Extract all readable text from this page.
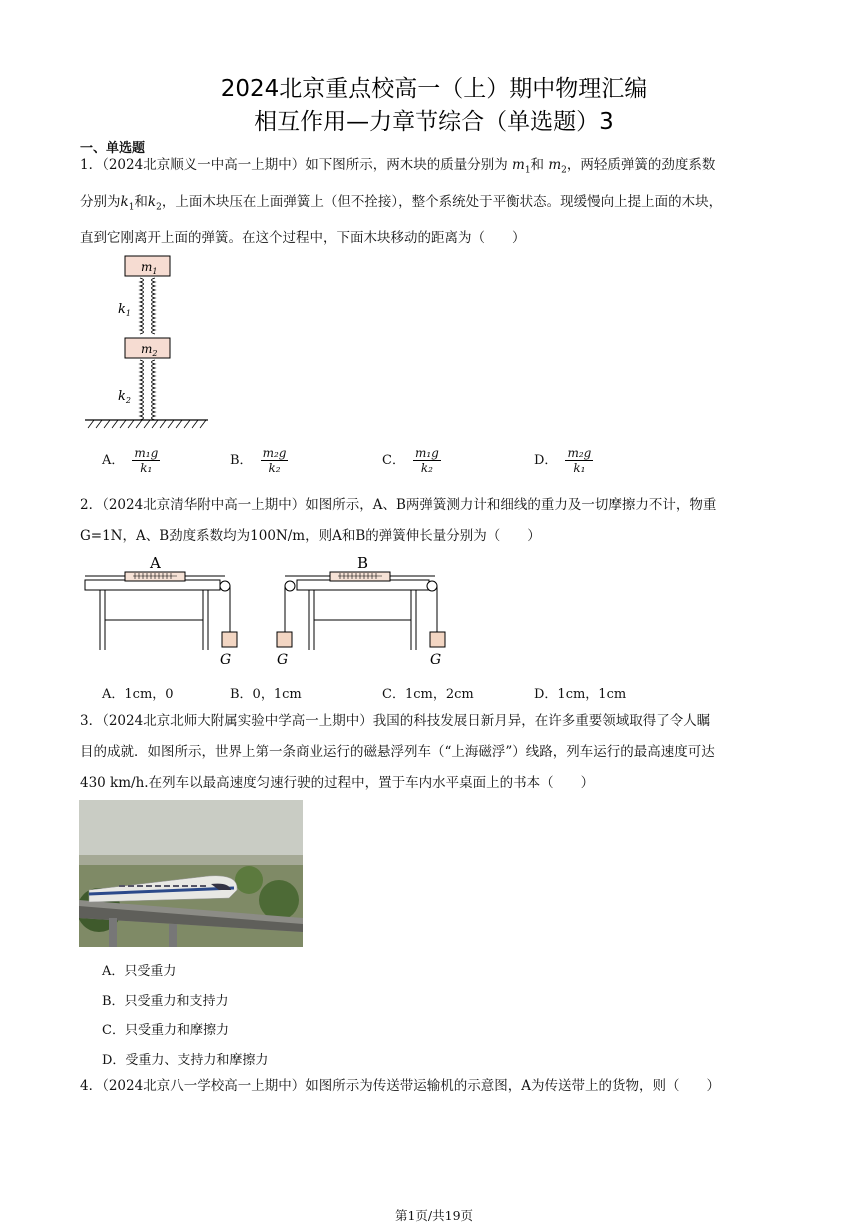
2024北京重点校高一（上）期中物理汇编
相互作用—力章节综合（单选题）3
一、单选题
1．（2024北京顺义一中高一上期中）如下图所示，两木块的质量分别为 $m_1$和 $m_2$，两轻质弹簧的劲度系数
分别为$k_1$和$k_2$，上面木块压在上面弹簧上（但不拴接），整个系统处于平衡状态。现缓慢向上提上面的木块，
直到它刚离开上面的弹簧。在这个过程中，下面木块移动的距离为（　　）
$m_1$
$k_1$
$m_2$
$k_2$
A． $\frac{\text{m₁g}}{\text{k₁}}$	B． $\frac{\text{m₂g}}{\text{k₂}}$	C． $\frac{\text{m₁g}}{\text{k₂}}$	D． $\frac{\text{m₂g}}{\text{k₁}}$
2．（2024北京清华附中高一上期中）如图所示，A、B两弹簧测力计和细线的重力及一切摩擦力不计，物重
G=1N，A、B劲度系数均为100N/m，则A和B的弹簧伸长量分别为（　　）
A
G
B
G	G
A．1cm，0	B．0，1cm	C．1cm，2cm	D．1cm，1cm
3．（2024北京北师大附属实验中学高一上期中）我国的科技发展日新月异，在许多重要领域取得了令人瞩
目的成就．如图所示，世界上第一条商业运行的磁悬浮列车（“上海磁浮”）线路，列车运行的最高速度可达
430 km/h.在列车以最高速度匀速行驶的过程中，置于车内水平桌面上的书本（　　）
A．只受重力
B．只受重力和支持力
C．只受重力和摩擦力
D．受重力、支持力和摩擦力
4．（2024北京八一学校高一上期中）如图所示为传送带运输机的示意图，A为传送带上的货物，则（　　）
第1页/共19页
